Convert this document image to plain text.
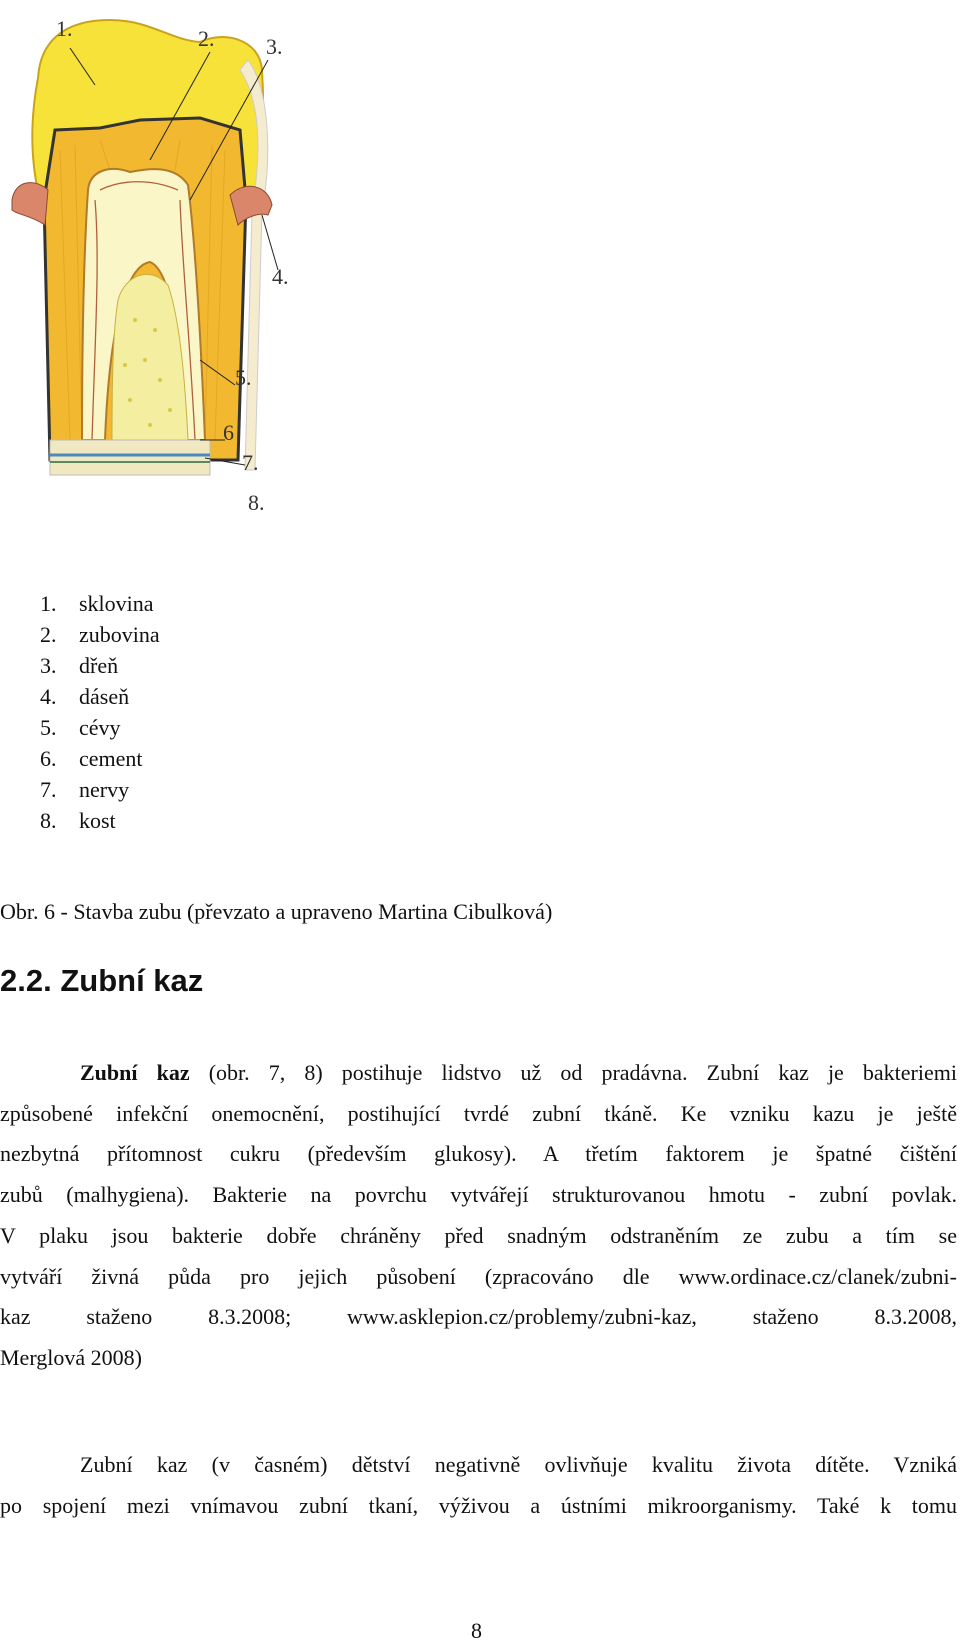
1.	2. 3.
4.
5.
6
7.
8.
1.	sklovina
2.	zubovina
3.	dřeň
4.	dáseň
5.	cévy
6.	cement
7.	nervy
8.	kost
Obr. 6 - Stavba zubu (převzato a upraveno Martina Cibulková)
2.2. Zubní kaz
Zubní kaz (obr. 7, 8) postihuje lidstvo už od pradávna. Zubní kaz je bakteriemi
způsobené infekční onemocnění, postihující tvrdé zubní tkáně. Ke vzniku kazu je ještě
nezbytná přítomnost cukru (především glukosy). A třetím faktorem je špatné čištění
zubů (malhygiena). Bakterie na povrchu vytvářejí strukturovanou hmotu - zubní povlak.
V plaku jsou bakterie dobře chráněny před snadným odstraněním ze zubu a tím se
vytváří živná půda pro jejich působení (zpracováno dle www.ordinace.cz/clanek/zubni-
kaz staženo 8.3.2008; www.asklepion.cz/problemy/zubni-kaz, staženo 8.3.2008,
Merglová 2008)
Zubní kaz (v časném) dětství negativně ovlivňuje kvalitu života dítěte. Vzniká
po spojení mezi vnímavou zubní tkaní, výživou a ústními mikroorganismy. Také k tomu
8
